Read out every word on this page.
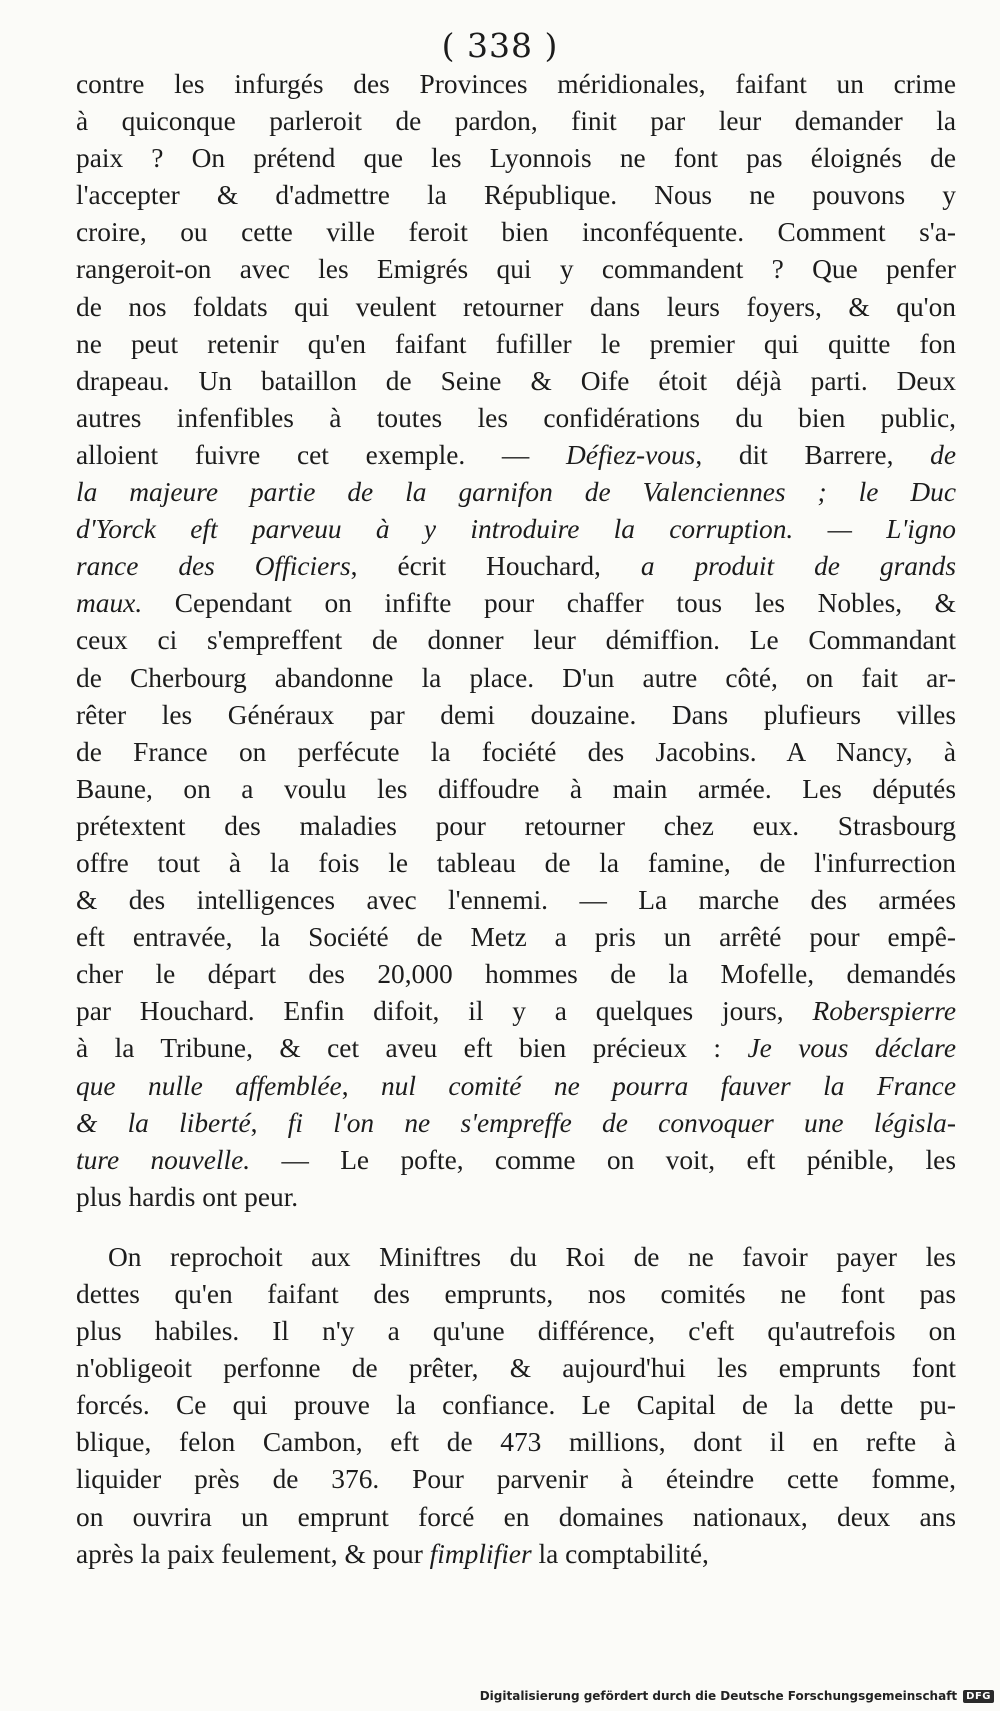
( 338 )
contre les infurgés des Provinces méridionales, faifant un crime
à quiconque parleroit de pardon, finit par leur demander la
paix ? On prétend que les Lyonnois ne font pas éloignés de
l'accepter & d'admettre la République. Nous ne pouvons y
croire, ou cette ville feroit bien inconféquente. Comment s'a-
rangeroit-on avec les Emigrés qui y commandent ? Que penfer
de nos foldats qui veulent retourner dans leurs foyers, & qu'on
ne peut retenir qu'en faifant fufiller le premier qui quitte fon
drapeau. Un bataillon de Seine & Oife étoit déjà parti. Deux
autres infenfibles à toutes les confidérations du bien public,
alloient fuivre cet exemple. — Défiez-vous, dit Barrere, de
la majeure partie de la garnifon de Valenciennes ; le Duc
d'Yorck eft parveuu à y introduire la corruption. — L'igno
rance des Officiers, écrit Houchard, a produit de grands
maux. Cependant on infifte pour chaffer tous les Nobles, &
ceux ci s'empreffent de donner leur démiffion. Le Commandant
de Cherbourg abandonne la place. D'un autre côté, on fait ar-
rêter les Généraux par demi douzaine. Dans plufieurs villes
de France on perfécute la fociété des Jacobins. A Nancy, à
Baune, on a voulu les diffoudre à main armée. Les députés
prétextent des maladies pour retourner chez eux. Strasbourg
offre tout à la fois le tableau de la famine, de l'infurrection
& des intelligences avec l'ennemi. — La marche des armées
eft entravée, la Société de Metz a pris un arrêté pour empê-
cher le départ des 20,000 hommes de la Mofelle, demandés
par Houchard. Enfin difoit, il y a quelques jours, Roberspierre
à la Tribune, & cet aveu eft bien précieux : Je vous déclare
que nulle affemblée, nul comité ne pourra fauver la France
& la liberté, fi l'on ne s'empreffe de convoquer une législa-
ture nouvelle. — Le pofte, comme on voit, eft pénible, les
plus hardis ont peur.
On reprochoit aux Miniftres du Roi de ne favoir payer les
dettes qu'en faifant des emprunts, nos comités ne font pas
plus habiles. Il n'y a qu'une différence, c'eft qu'autrefois on
n'obligeoit perfonne de prêter, & aujourd'hui les emprunts font
forcés. Ce qui prouve la confiance. Le Capital de la dette pu-
blique, felon Cambon, eft de 473 millions, dont il en refte à
liquider près de 376. Pour parvenir à éteindre cette fomme,
on ouvrira un emprunt forcé en domaines nationaux, deux ans
après la paix feulement, & pour fimplifier la comptabilité,
Digitalisierung gefördert durch die Deutsche Forschungsgemeinschaft DFG
